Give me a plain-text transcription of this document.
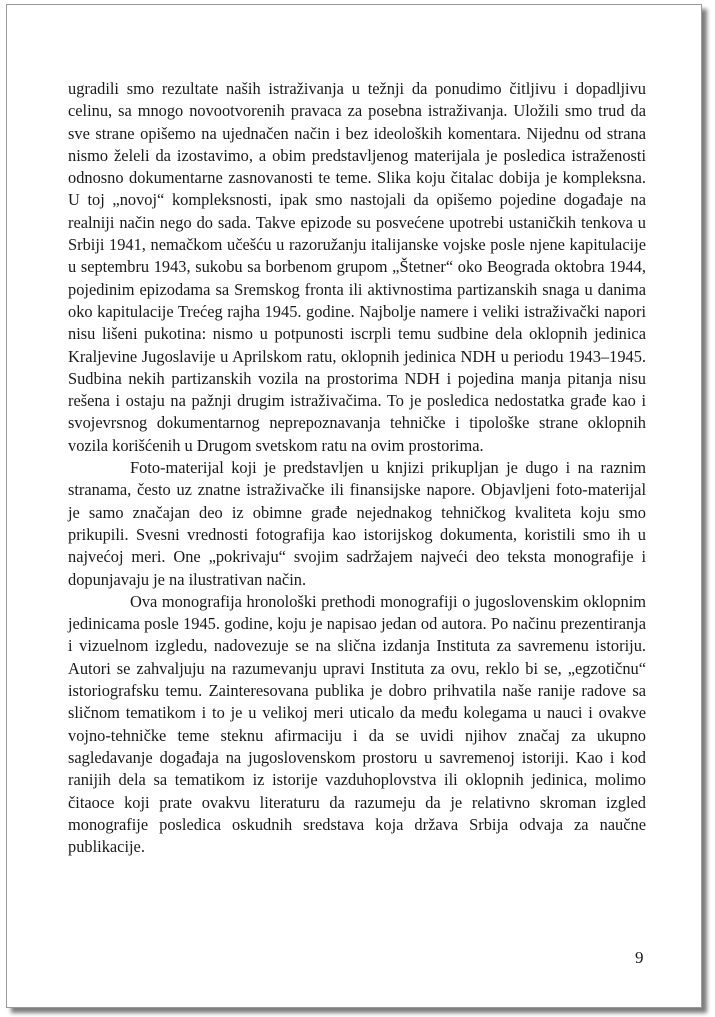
ugradili smo rezultate naših istraživanja u težnji da ponudimo čitljivu i dopadljivu celinu, sa mnogo novootvorenih pravaca za posebna istraživanja. Uložili smo trud da sve strane opišemo na ujednačen način i bez ideoloških komentara. Nijednu od strana nismo želeli da izostavimo, a obim predstavljenog materijala je posledica istraženosti odnosno dokumentarne zasnovanosti te teme. Slika koju čitalac dobija je kompleksna. U toj „novoj“ kompleksnosti, ipak smo nastojali da opišemo pojedine događaje na realniji način nego do sada. Takve epizode su posvećene upotrebi ustaničkih tenkova u Srbiji 1941, nemačkom učešću u razoružanju italijanske vojske posle njene kapitulacije u septembru 1943, sukobu sa borbenom grupom „Štetner“ oko Beograda oktobra 1944, pojedinim epizodama sa Sremskog fronta ili aktivnostima partizanskih snaga u danima oko kapitulacije Trećeg rajha 1945. godine. Najbolje namere i veliki istraživački napori nisu lišeni pukotina: nismo u potpunosti iscrpli temu sudbine dela oklopnih jedinica Kraljevine Jugoslavije u Aprilskom ratu, oklopnih jedinica NDH u periodu 1943–1945. Sudbina nekih partizanskih vozila na prostorima NDH i pojedina manja pitanja nisu rešena i ostaju na pažnji drugim istraživačima. To je posledica nedostatka građe kao i svojevrsnog dokumentarnog neprepoznavanja tehničke i tipološke strane oklopnih vozila korišćenih u Drugom svetskom ratu na ovim prostorima.

Foto-materijal koji je predstavljen u knjizi prikupljan je dugo i na raznim stranama, često uz znatne istraživačke ili finansijske napore. Objavljeni foto-materijal je samo značajan deo iz obimne građe nejednakog tehničkog kvaliteta koju smo prikupili. Svesni vrednosti fotografija kao istorijskog dokumenta, koristili smo ih u najvećoj meri. One „pokrivaju“ svojim sadržajem najveći deo teksta monografije i dopunjavaju je na ilustrativan način.

Ova monografija hronološki prethodi monografiji o jugoslovenskim oklopnim jedinicama posle 1945. godine, koju je napisao jedan od autora. Po načinu prezentiranja i vizuelnom izgledu, nadovezuje se na slična izdanja Instituta za savremenu istoriju. Autori se zahvaljuju na razumevanju upravi Instituta za ovu, reklo bi se, „egzotičnu“ istoriografsku temu. Zainteresovana publika je dobro prihvatila naše ranije radove sa sličnom tematikom i to je u velikoj meri uticalo da među kolegama u nauci i ovakve vojno-tehničke teme steknu afirmaciju i da se uvidi njihov značaj za ukupno sagledavanje događaja na jugoslovenskom prostoru u savremenoj istoriji. Kao i kod ranijih dela sa tematikom iz istorije vazduhoplovstva ili oklopnih jedinica, molimo čitaoce koji prate ovakvu literaturu da razumeju da je relativno skroman izgled monografije posledica oskudnih sredstava koja država Srbija odvaja za naučne publikacije.

9
